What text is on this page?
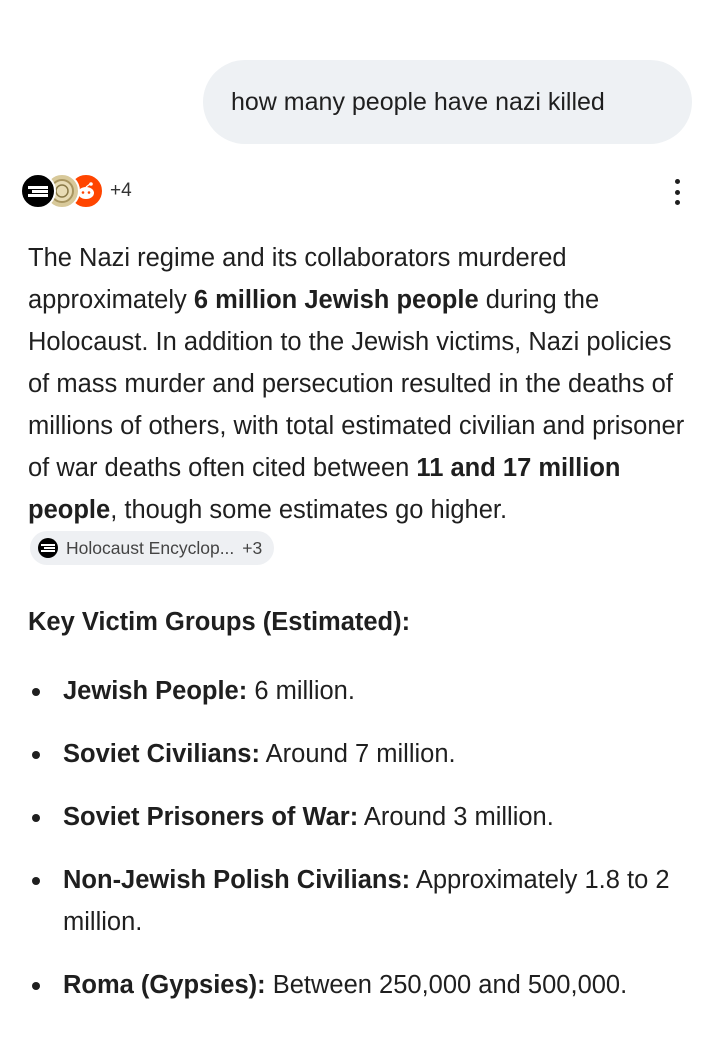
how many people have nazi killed
+4
The Nazi regime and its collaborators murdered approximately 6 million Jewish people during the Holocaust. In addition to the Jewish victims, Nazi policies of mass murder and persecution resulted in the deaths of millions of others, with total estimated civilian and prisoner of war deaths often cited between 11 and 17 million people, though some estimates go higher.
Holocaust Encyclop... +3
Key Victim Groups (Estimated):
Jewish People: 6 million.
Soviet Civilians: Around 7 million.
Soviet Prisoners of War: Around 3 million.
Non-Jewish Polish Civilians: Approximately 1.8 to 2 million.
Roma (Gypsies): Between 250,000 and 500,000.
